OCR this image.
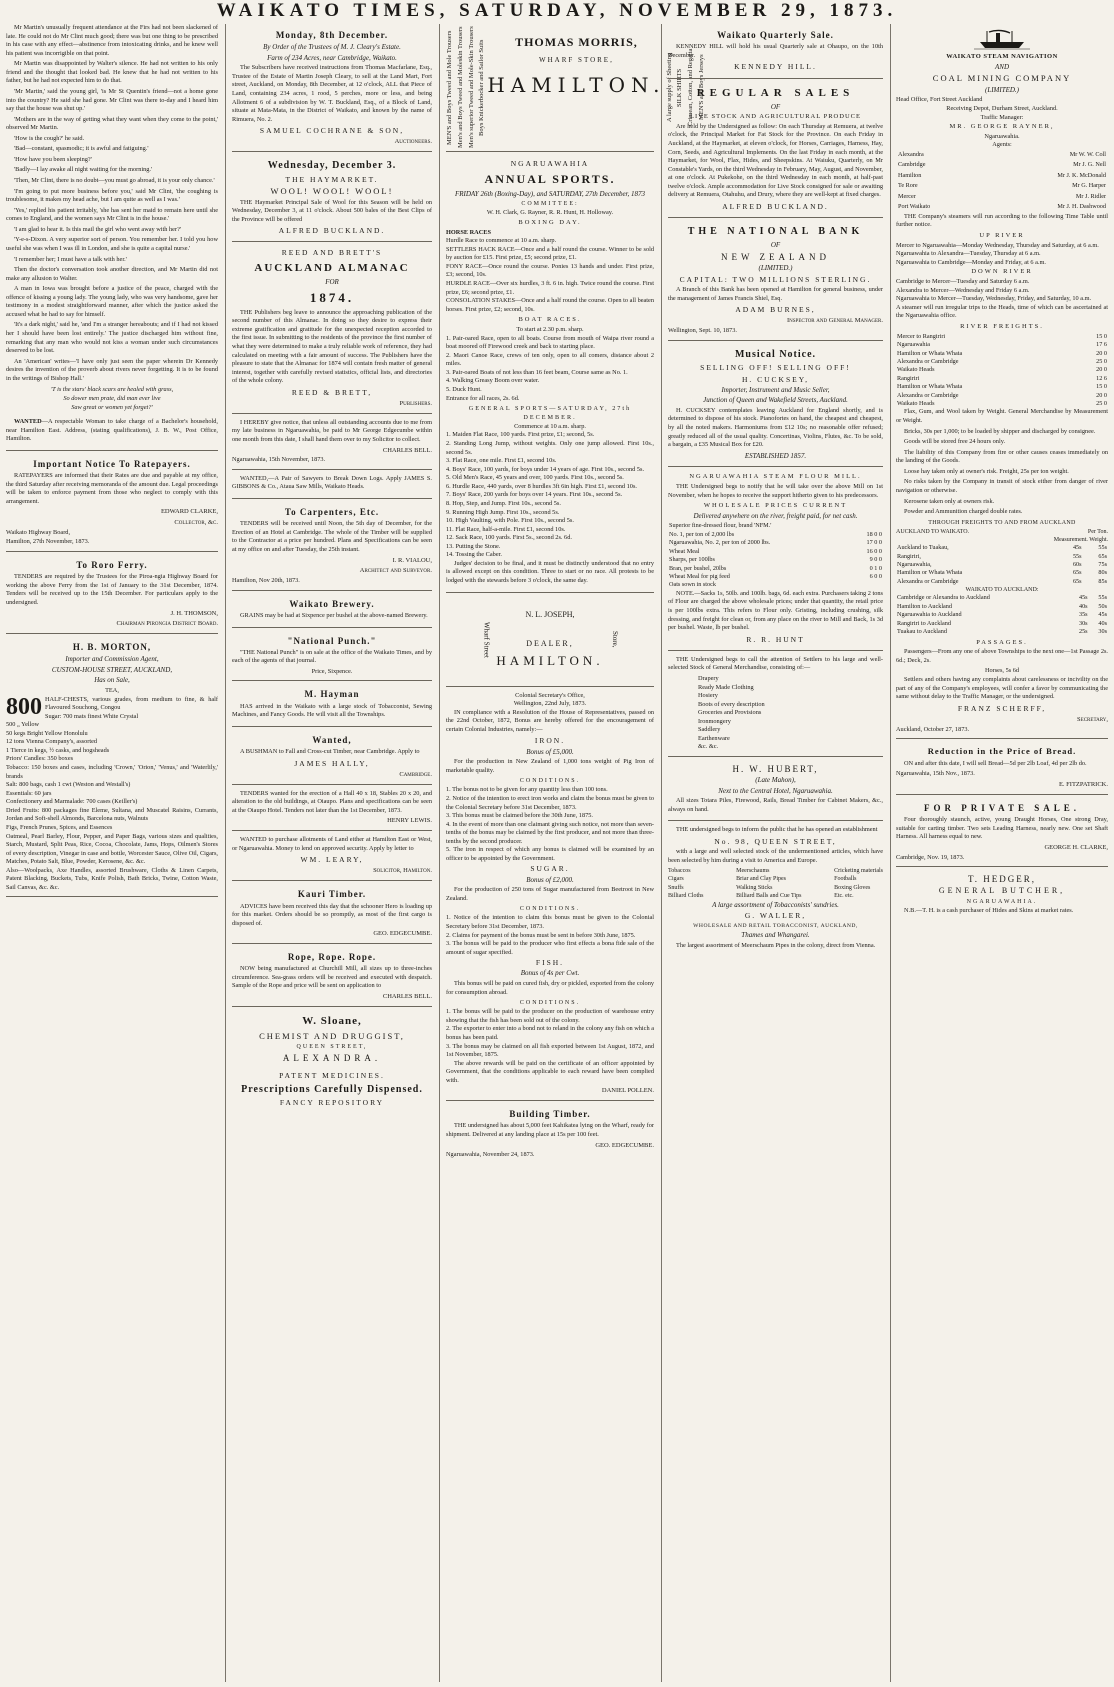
WAIKATO TIMES, SATURDAY, NOVEMBER 29, 1873.

Mr Martin's unusually frequent attendance at the Firs had not been slackened of late. He could not do Mr Clint much good; there was but one thing to be prescribed in his case with any effect—abstinence from intoxicating drinks, and he knew well his patient was incorrigible on that point.

Mr Martin was disappointed by Walter's silence. He had not written to his only friend and the thought that looked bad. He knew that he had not written to his father, but he had not expected him to do that.

'Mr Martin,' said the young girl, 'is Mr St Quentin's friend—not a home gone into the country? He said she had gone. Mr Clint was there to-day and I heard him say that the house was shut up.'

'Mothers are in the way of getting what they want when they come to the point,' observed Mr Martin.

'How is the cough?' he said.

'Bad—constant, spasmodic; it is awful and fatiguing.'

'How have you been sleeping?'

'Badly—I lay awake all night waiting for the morning.'

'Then, Mr Clint, there is no doubt—you must go abroad, it is your only chance.'

'I'm going to put more business before you,' said Mr Clint, 'the coughing is troublesome, it makes my head ache, but I am quite as well as I was.'

'Yes,' replied his patient irritably, 'she has sent her maid to remain here until she comes to England, and the women says Mr Clint is in the house.'

'I am glad to hear it. Is this mail the girl who went away with her?'

'Y-e-s-Dixon. A very superior sort of person. You remember her. I told you how useful she was when I was ill in London, and she is quite a capital nurse.'

'I remember her; I must have a talk with her.'

Then the doctor's conversation took another direction, and Mr Martin did not make any allusion to Walter.

A man in Iowa was brought before a justice of the peace, charged with the offence of kissing a young lady. The young lady, who was very handsome, gave her testimony in a modest straightforward manner, after which the justice asked the accused what he had to say for himself.

'It's a dark night,' said he, 'and I'm a stranger hereabouts; and if I had not kissed her I should have been lost entirely.' The justice discharged him without fine, remarking that any man who would not kiss a woman under such circumstances deserved to be lost.

An 'American' writes—'I have only just seen the paper wherein Dr Kennedy desires the invention of the proverb about rivers never forgetting. It is to be found in the writings of Bishop Hall.'

'T is the stars' black scars are healed with grass,
So dower men prate, did man ever live
Saw great or women yet forget?'

WANTED—A respectable Woman to take charge of a Bachelor's household, near Hamilton East. Address, (stating qualifications), J. B. W., Post Office, Hamilton.

Important Notice To Ratepayers.

RATEPAYERS are informed that their Rates are due and payable at my office, the third Saturday after receiving memoranda of the amount due. Legal proceedings will be taken to enforce payment from those who neglect to comply with this arrangement.

EDWARD CLARKE,
Collector, &c.
Waikato Highway Board,
Hamilton, 27th November, 1873.
To Roro Ferry.

TENDERS are required by the Trustees for the Piroa-ngia Highway Board for working the above Ferry from the 1st of January to the 31st December, 1874. Tenders will be received up to the 15th December. For particulars apply to the undersigned.

J. H. THOMSON,
Chairman Pirongia District Board.
H. B. MORTON,
Importer and Commission Agent,
CUSTOM-HOUSE STREET, AUCKLAND,
Has on Sale,
TEA,
800 HALF-CHESTS, various grades, from medium to fine, & half Flavoured Souchong, Congou
Sugar: 700 mats finest White Crystal
500 „ Yellow
50 kegs Bright Yellow Honolulu
12 tons Vienna Company's, assorted
1 Tierce in kegs, ½ casks, and hogsheads
Priors' Candles: 350 boxes
Tobacco: 150 boxes and cases, including 'Crown,' 'Orion,' 'Venus,' and 'Waterlily,' brands
Salt: 800 bags, cash 1 cwt (Weston and Westall's)
Essentials: 60 jars
Confectionery and Marmalade: 700 cases (Keiller's)
Dried Fruits: 800 packages fine Eleme, Sultana, and Muscatel Raisins, Currants, Jordan and Soft-shell Almonds, Barcelona nuts, Walnuts
Figs, French Prunes, Spices, and Essences
Oatmeal, Pearl Barley, Flour, Pepper, and Paper Bags, various sizes and qualities, Starch, Mustard, Split Peas, Rice, Cocoa, Chocolate, Jams, Hops, Oilmen's Stores of every description, Vinegar in case and bottle, Worcester Sauce, Olive Oil, Cigars, Matches, Potato Salt, Blue, Powder, Kerosene, &c. &c.
Also—Woolpacks, Axe Handles, assorted Brushware, Cloths & Linen Carpets, Patent Blacking, Buckets, Tubs, Knife Polish, Bath Bricks, Twine, Cotton Waste, Sail Canvas, &c. &c.
Monday, 8th December.
By Order of the Trustees of M. J. Cleary's Estate.
Farm of 234 Acres, near Cambridge, Waikato.

The Subscribers have received instructions from Thomas Macfarlane, Esq., Trustee of the Estate of Martin Joseph Cleary, to sell at the Land Mart, Fort street, Auckland, on Monday, 8th December, at 12 o'clock, ALL that Piece of Land, containing 234 acres, 1 rood, 5 perches, more or less, and being Allotment 6 of a subdivision by W. T. Buckland, Esq., of a Block of Land, situate at Mata-Mata, in the District of Waikato, and known by the name of Rimuera, No. 2.

SAMUEL COCHRANE & SON,
Auctioneers.
Wednesday, December 3.
THE HAYMARKET.
WOOL! WOOL! WOOL!

THE Haymarket Principal Sale of Wool for this Season will be held on Wednesday, December 3, at 11 o'clock. About 500 bales of the Best Clips of the Province will be offered

ALFRED BUCKLAND.
REED AND BRETT'S
AUCKLAND ALMANAC
FOR
1874.

THE Publishers beg leave to announce the approaching publication of the second number of this Almanac. In doing so they desire to express their extreme gratification and gratitude for the unexpected reception accorded to the first issue. In submitting to the residents of the province the first number of what they were determined to make a truly reliable work of reference, they had calculated on meeting with a fair amount of success. The Publishers have the pleasure to state that the Almanac for 1874 will contain fresh matter of general interest, together with carefully revised statistics, official lists, and directories of the whole colony.

REED & BRETT,
Publishers.

I HEREBY give notice, that unless all outstanding accounts due to me from my late business in Ngaruawahia, be paid to Mr George Edgecumbe within one month from this date, I shall hand them over to my Solicitor to collect.

CHARLES BELL.
Ngaruawahia, 15th November, 1873.

WANTED,—A Pair of Sawyers to Break Down Logs. Apply JAMES S. GIBBONS & Co., Ataua Saw Mills, Waikato Heads.

To Carpenters, Etc.

TENDERS will be received until Noon, the 5th day of December, for the Erection of an Hotel at Cambridge. The whole of the Timber will be supplied to the Contractor at a price per hundred. Plans and Specifications can be seen at my office on and after Tuesday, the 25th instant.

I. R. VIALOU,
Architect and Surveyor.
Hamilton, Nov 20th, 1873.
Waikato Brewery.

GRAINS may be had at Sixpence per bushel at the above-named Brewery.

"National Punch."

"THE National Punch" is on sale at the office of the Waikato Times, and by each of the agents of that journal.

Price, Sixpence.
M. Hayman

HAS arrived in the Waikato with a large stock of Tobacconist, Sewing Machines, and Fancy Goods. He will visit all the Townships.

Wanted,

A BUSHMAN to Fall and Cross-cut Timber, near Cambridge. Apply to

JAMES HALLY,
Cambridge.

TENDERS wanted for the erection of a Hall 40 x 18, Stables 20 x 20, and alteration to the old buildings, at Oiaupo. Plans and specifications can be seen at the Oiaupo Hotel. Tenders not later than the 1st December, 1873.

HENRY LEWIS.

WANTED to purchase allotments of Land either at Hamilton East or West, or Ngaruawahia. Money to lend on approved security. Apply by letter to

WM. LEARY,
Solicitor, Hamilton.
Kauri Timber.

ADVICES have been received this day that the schooner Hero is loading up for this market. Orders should be so promptly, as most of the first cargo is disposed of.

GEO. EDGECUMBE.
Rope, Rope. Rope.

NOW being manufactured at Churchill Mill, all sizes up to three-inches circumference. Sea-grass orders will be received and executed with despatch. Sample of the Rope and price will be sent on application to

CHARLES BELL.
W. Sloane,
CHEMIST AND DRUGGIST,
QUEEN STREET,
ALEXANDRA.
PATENT MEDICINES.
Prescriptions Carefully Dispensed.
FANCY REPOSITORY
MEN'S and Boys Tweed and Mole Trousers Men's and Boys Tweed and Moleskin Trousers Men's superior Tweed and Mole-Skin Trousers Boys Knickerbocker and Sailor Suits	THOMAS MORRIS,
WHARF STORE,
HAMILTON. A large supply of Sheeting SILK SHIRTS Crimean, Cotton, and Regatta MEN'S and Boys Jerseys
NGARUAWAHIA
ANNUAL SPORTS.
FRIDAY 26th (Boxing-Day), and SATURDAY, 27th December, 1873
COMMITTEE:
W. H. Clark, G. Rayner, R. R. Hunt, H. Holloway.
BOXING DAY.
HORSE RACES
Hurdle Race to commence at 10 a.m. sharp.
SETTLERS HACK RACE—Once and a half round the course. Winner to be sold by auction for £15. First prize, £5; second prize, £1.
FONY RACE—Once round the course. Ponies 13 hands and under. First prize, £3; second, 10s.
HURDLE RACE—Over six hurdles, 3 ft. 6 in. high. Twice round the course. First prize, £6; second prize, £1.
CONSOLATION STAKES—Once and a half round the course. Open to all beaten horses. First prize, £2; second, 10s.
BOAT RACES.
To start at 2.30 p.m. sharp.
1. Pair-oared Race, open to all boats. Course from mouth of Waipa river round a boat moored off Firewood creek and back to starting place.
2. Maori Canoe Race, crews of ten only, open to all comers, distance about 2 miles.
3. Pair-oared Boats of not less than 16 feet beam, Course same as No. 1.
4. Walking Greasy Boom over water.
5. Duck Hunt.
Entrance for all races, 2s. 6d.
GENERAL SPORTS—SATURDAY, 27th DECEMBER.
Commence at 10 a.m. sharp.
1. Maiden Flat Race, 100 yards. First prize, £1; second, 5s.
2. Standing Long Jump, without weights. Only one jump allowed. First 10s., second 5s.
3. Flat Race, one mile. First £1, second 10s.
4. Boys' Race, 100 yards, for boys under 14 years of age. First 10s., second 5s.
5. Old Men's Race, 45 years and over, 100 yards. First 10s., second 5s.
6. Hurdle Race, 440 yards, over 8 hurdles 3ft 6in high. First £1, second 10s.
7. Boys' Race, 200 yards for boys over 14 years. First 10s., second 5s.
8. Hop, Step, and Jump. First 10s., second 5s.
9. Running High Jump. First 10s., second 5s.
10. High Vaulting, with Pole. First 10s., second 5s.
11. Flat Race, half-a-mile. First £1, second 10s.
12. Sack Race, 100 yards. First 5s., second 2s. 6d.
13. Putting the Stone.
14. Tossing the Caber.

Judges' decision to be final, and it must be distinctly understood that no entry is allowed except on this condition. Three to start or no race. All protests to be lodged with the stewards before 3 o'clock, the same day.

Wharf Street
N. L. JOSEPH,
DEALER,
HAMILTON.
Store,
Colonial Secretary's Office,
Wellington, 22nd July, 1873.

IN compliance with a Resolution of the House of Representatives, passed on the 22nd October, 1872, Bonus are hereby offered for the encouragement of certain Colonial Industries, namely:—

IRON.
Bonus of £5,000.

For the production in New Zealand of 1,000 tons weight of Pig Iron of marketable quality.

CONDITIONS.
1. The bonus not to be given for any quantity less than 100 tons.
2. Notice of the intention to erect iron works and claim the bonus must be given to the Colonial Secretary before 31st December, 1873.
3. This bonus must be claimed before the 30th June, 1875.
4. In the event of more than one claimant giving such notice, not more than seven-tenths of the bonus may be claimed by the first producer, and not more than three-tenths by the second producer.
5. The iron in respect of which any bonus is claimed will be examined by an officer to be appointed by the Government.
SUGAR.
Bonus of £2,000.

For the production of 250 tons of Sugar manufactured from Beetroot in New Zealand.

CONDITIONS.
1. Notice of the intention to claim this bonus must be given to the Colonial Secretary before 31st December, 1873.
2. Claims for payment of the bonus must be sent in before 30th June, 1875.
3. The bonus will be paid to the producer who first effects a bona fide sale of the amount of sugar specified.
FISH.
Bonus of 4s per Cwt.

This bonus will be paid on cured fish, dry or pickled, exported from the colony for consumption abroad.

CONDITIONS.
1. The bonus will be paid to the producer on the production of warehouse entry showing that the fish has been sold out of the colony.
2. The exporter to enter into a bond not to reland in the colony any fish on which a bonus has been paid.
3. The bonus may be claimed on all fish exported between 1st August, 1872, and 1st November, 1875.

The above rewards will be paid on the certificate of an officer appointed by Government, that the conditions applicable to each reward have been complied with.

DANIEL POLLEN.
Building Timber.

THE undersigned has about 5,000 feet Kahikatea lying on the Wharf, ready for shipment. Delivered at any landing place at 15s per 100 feet.

GEO. EDGECUMBE.
Ngaruawahia, November 24, 1873.
Waikato Quarterly Sale.

KENNEDY HILL will hold his usual Quarterly sale at Ohaupo, on the 10th December.

KENNEDY HILL.
REGULAR SALES
OF
LIVE STOCK AND AGRICULTURAL PRODUCE

Are held by the Undersigned as follow: On each Thursday at Remuera, at twelve o'clock, the Principal Market for Fat Stock for the Province. On each Friday in Auckland, at the Haymarket, at eleven o'clock, for Horses, Carriages, Harness, Hay, Corn, Seeds, and Agricultural Implements. On the last Friday in each month, at the Haymarket, for Wool, Flax, Hides, and Sheepskins. At Waiuku, Quarterly, on Mr Constable's Yards, on the third Wednesday in February, May, August, and November, at one o'clock. At Pukekohe, on the third Wednesday in each month, at half-past twelve o'clock. Ample accommodation for Live Stock consigned for sale or awaiting delivery at Remuera, Otahuhu, and Drury, where they are well-kept at fixed charges.

ALFRED BUCKLAND.
THE NATIONAL BANK
OF
NEW ZEALAND
(LIMITED.)
CAPITAL: TWO MILLIONS STERLING.

A Branch of this Bank has been opened at Hamilton for general business, under the management of James Francis Shiel, Esq.

ADAM BURNES,
Inspector and General Manager.
Wellington, Sept. 10, 1873.
Musical Notice.
SELLING OFF! SELLING OFF!
H. CUCKSEY,
Importer, Instrument and Music Seller,
Junction of Queen and Wakefield Streets, Auckland.

H. CUCKSEY contemplates leaving Auckland for England shortly, and is determined to dispose of his stock. Pianofortes on hand, the cheapest and cheapest, by all the noted makers. Harmoniums from £12 10s; no reasonable offer refused; greatly reduced all of the usual quality. Concertinas, Violins, Flutes, &c. To be sold, a bargain, a £35 Musical Box for £20.

ESTABLISHED 1857.
NGARUAWAHIA STEAM FLOUR MILL.

THE Undersigned begs to notify that he will take over the above Mill on 1st November, when he hopes to receive the support hitherto given to his predecessors.

WHOLESALE PRICES CURRENT
Delivered anywhere on the river, freight paid, for net cash.
Superior fine-dressed flour, brand 'NFM.'	
No. 1, per ton of 2,000 lbs	18 0 0
Ngaruawahia, No. 2, per ton of 2000 lbs.	17 0 0
Wheat Meal	16 0 0
Sharps, per 100lbs	9 0 0
Bran, per bushel, 20lbs	0 1 0
Wheat Meal for pig feed	6 0 0
Oats sown in stock	

NOTE.—Sacks 1s, 50lb. and 100lb. bags, 6d. each extra. Purchasers taking 2 tons of Flour are charged the above wholesale prices; under that quantity, the retail price is per 100lbs extra. This refers to Flour only. Gristing, including crushing, silk dressing, and freight for clean or, from any place on the river to Mill and Back, 1s 3d per bushel. Waste, lb per bushel.

R. R. HUNT

THE Undersigned begs to call the attention of Settlers to his large and well-selected Stock of General Merchandise, consisting of:—

Drapery
Ready Made Clothing
Hosiery
Boots of every description
Groceries and Provisions
Ironmongery
Saddlery
Earthenware
&c. &c.
H. W. HUBERT,
(Late Mahon),
Next to the Central Hotel, Ngaruawahia.

All sizes Totara Piles, Firewood, Rails, Bread Timber for Cabinet Makers, &c., always on hand.

THE undersigned begs to inform the public that he has opened an establishment

No. 98, QUEEN STREET,

with a large and well selected stock of the undermentioned articles, which have been selected by him during a visit to America and Europe.

Tobaccos
Cigars
Snuffs
Billiard Cloths
Meerschaums
Briar and Clay Pipes
Walking Sticks
Billiard Balls and Cue Tips
Cricketing materials
Footballs
Boxing Gloves
Etc. etc.
A large assortment of Tobacconists' sundries.
G. WALLER,
WHOLESALE AND RETAIL TOBACCONIST, AUCKLAND,
Thames and Whangarei.

The largest assortment of Meerschaum Pipes in the colony, direct from Vienna.

WAIKATO STEAM NAVIGATION
AND
COAL MINING COMPANY
(LIMITED.)
Head Office, Fort Street Auckland
Receiving Depot, Durham Street, Auckland.
Traffic Manager:
MR. GEORGE RAYNER,
Ngaruawahia.
Agents:
Alexandra	Mr W. W. Coll
Cambridge	Mr J. G. Nell
Hamilton	Mr J. K. McDonald
Te Rore	Mr G. Harper
Mercer	Mr J. Ridler
Port Waikato	Mr J. H. Dashwood

THE Company's steamers will run according to the following Time Table until further notice.

UP RIVER
Mercer to Ngaruawahia—Monday Wednesday, Thursday and Saturday, at 6 a.m.
Ngaruawahia to Alexandra—Tuesday, Thursday at 6 a.m.
Ngaruawahia to Cambridge—Monday and Friday, at 6 a.m.
DOWN RIVER
Cambridge to Mercer—Tuesday and Saturday 6 a.m.
Alexandra to Mercer—Wednesday and Friday 6 a.m.
Ngaruawahia to Mercer—Tuesday, Wednesday, Friday, and Saturday, 10 a.m.
A steamer will run irregular trips to the Heads, time of which can be ascertained at the Ngaruawahia office.
RIVER FREIGHTS.
Mercer to Rangiriri	15 0
Ngaruawahia	17 6
Hamilton or Whata Whata	20 0
Alexandra or Cambridge	25 0
Waikato Heads	20 0
Rangiriri	12 6
Hamilton or Whata Whata	15 0
Alexandra or Cambridge	20 0
Waikato Heads	25 0

Flax, Gum, and Wool taken by Weight. General Merchandise by Measurement or Weight.

Bricks, 30s per 1,000; to be loaded by shipper and discharged by consignee.

Goods will be stored free 24 hours only.

The liability of this Company from fire or other causes ceases immediately on the landing of the Goods.

Loose hay taken only at owner's risk. Freight, 25s per ton weight.

No risks taken by the Company in transit of stock either from danger of river navigation or otherwise.

Kerosene taken only at owners risk.

Powder and Ammunition charged double rates.

THROUGH FREIGHTS TO AND FROM AUCKLAND
AUCKLAND TO WAIKATO.	Per Ton.
Measurement. Weight.
Auckland to Tuakau,	45s	55s
Rangiriri,	55s	65s
Ngaruawahia,	60s	75s
Hamilton or Whata Whata	65s	80s
Alexandra or Cambridge	65s	85s
WAIKATO TO AUCKLAND:
Cambridge or Alexandra to Auckland	45s	55s
Hamilton to Auckland	40s	50s
Ngaruawahia to Auckland	35s	45s
Rangiriri to Auckland	30s	40s
Tuakau to Auckland	25s	30s
PASSAGES.

Passengers—From any one of above Townships to the next one—1st Passage 2s. 6d.; Deck, 2s.

Horses, 5s 6d

Settlers and others having any complaints about carelessness or incivility on the part of any of the Company's employees, will confer a favor by communicating the same without delay to the Traffic Manager, or the undersigned.

FRANZ SCHERFF,
Secretary,
Auckland, October 27, 1873.
Reduction in the Price of Bread.

ON and after this date, I will sell Bread—5d per 2lb Loaf, 4d per 2lb do.

Ngaruawahia, 15th Nov., 1873.
E. FITZPATRICK.
FOR PRIVATE SALE.

Four thoroughly staunch, active, young Draught Horses, One strong Dray, suitable for carting timber. Two sets Leading Harness, nearly new. One set Shaft Harness. All harness equal to new.

GEORGE H. CLARKE,
Cambridge, Nov. 19, 1873.
T. HEDGER,
GENERAL BUTCHER,
NGARUAWAHIA.

N.B.—T. H. is a cash purchaser of Hides and Skins at market rates.
